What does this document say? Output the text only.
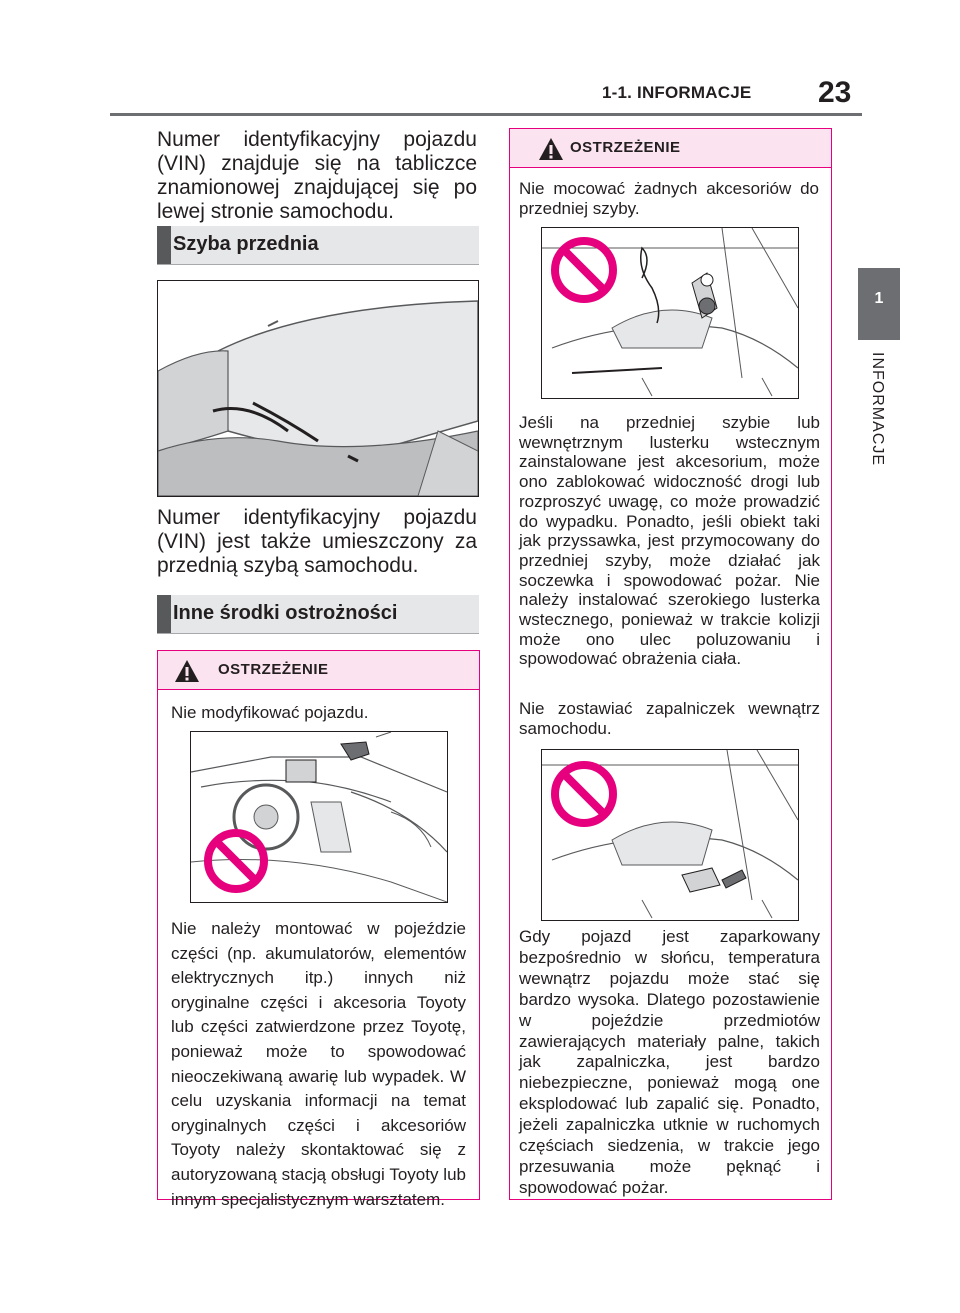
1-1. INFORMACJE 23
1
INFORMACJE
Numer identyfikacyjny pojazdu (VIN) znajduje się na tabliczce znamionowej znajdującej się po lewej stronie samochodu.
Szyba przednia
Numer identyfikacyjny pojazdu (VIN) jest także umieszczony za przednią szybą samochodu.
Inne środki ostrożności
OSTRZEŻENIE
Nie modyfikować pojazdu.
Nie należy montować w pojeździe części (np. akumulatorów, elementów elektrycznych itp.) innych niż oryginalne części i akcesoria Toyoty lub części zatwierdzone przez Toyotę, ponieważ może to spowodować nieoczekiwaną awarię lub wypadek. W celu uzyskania informacji na temat oryginalnych części i akcesoriów Toyoty należy skontaktować się z autoryzowaną stacją obsługi Toyoty lub innym specjalistycznym warsztatem.
OSTRZEŻENIE
Nie mocować żadnych akcesoriów do przedniej szyby.
Jeśli na przedniej szybie lub wewnętrznym lusterku wstecznym zainstalowane jest akcesorium, może ono zablokować widoczność drogi lub rozproszyć uwagę, co może prowadzić do wypadku. Ponadto, jeśli obiekt taki jak przyssawka, jest przymocowany do przedniej szyby, może działać jak soczewka i spowodować pożar. Nie należy instalować szerokiego lusterka wstecznego, ponieważ w trakcie kolizji może ono ulec poluzowaniu i spowodować obrażenia ciała.
Nie zostawiać zapalniczek wewnątrz samochodu.
Gdy pojazd jest zaparkowany bezpośrednio w słońcu, temperatura wewnątrz pojazdu może stać się bardzo wysoka. Dlatego pozostawienie w pojeździe przedmiotów zawierających materiały palne, takich jak zapalniczka, jest bardzo niebezpieczne, ponieważ mogą one eksplodować lub zapalić się. Ponadto, jeżeli zapalniczka utknie w ruchomych częściach siedzenia, w trakcie jego przesuwania może pęknąć i spowodować pożar.
